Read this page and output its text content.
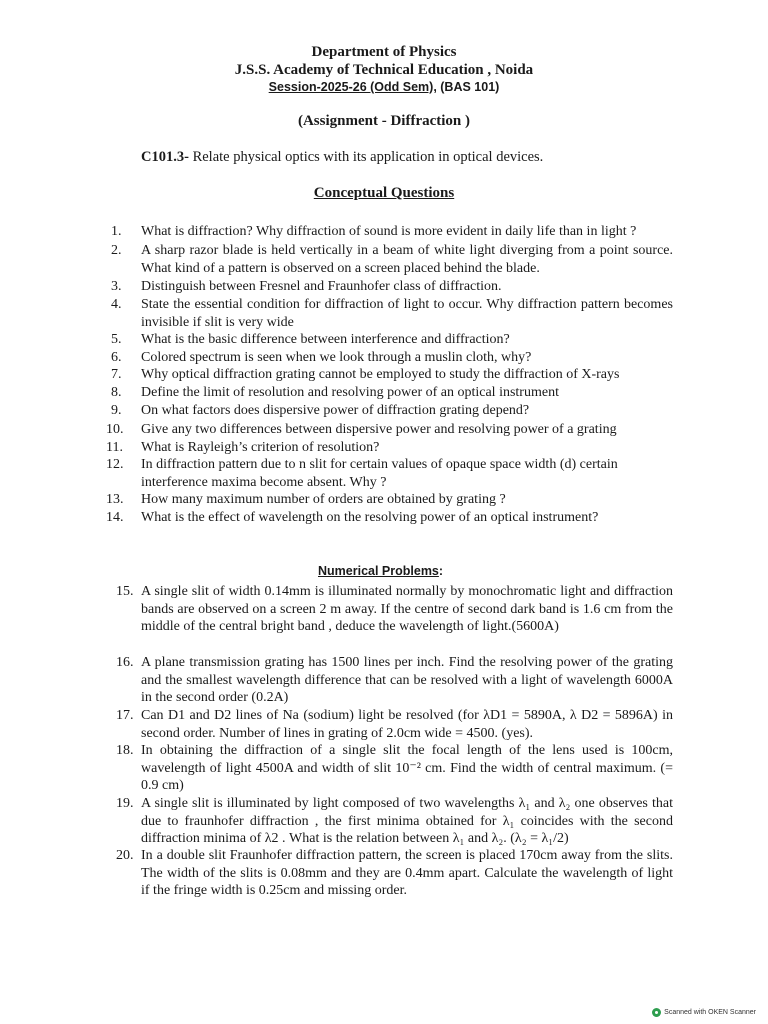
Department of Physics
J.S.S. Academy of Technical Education , Noida
Session-2025-26 (Odd Sem), (BAS 101)
(Assignment - Diffraction )
C101.3- Relate physical optics with its application in optical devices.
Conceptual Questions
1.	What is diffraction? Why diffraction of sound is more evident in daily life than in light ?
2.	A sharp razor blade is held vertically in a beam of white light diverging from a point source. What kind of a pattern is observed on a screen placed behind the blade.
3.	Distinguish between Fresnel and Fraunhofer class of diffraction.
4.	State the essential condition for diffraction of light to occur. Why diffraction pattern becomes invisible if slit is very wide
5.	What is the basic difference between interference and diffraction?
6.	Colored spectrum is seen when we look through a muslin cloth, why?
7.	Why optical diffraction grating cannot be employed to study the diffraction of X-rays
8.	Define the limit of resolution and resolving power of an optical instrument
9.	On what factors does dispersive power of diffraction grating depend?
10.	Give any two differences between dispersive power and resolving power of a grating
11.	What is Rayleigh’s criterion of resolution?
12.	In diffraction pattern due to n slit for certain values of opaque space width (d) certain interference maxima become absent. Why ?
13.	How many maximum number of orders are obtained by grating ?
14.	What is the effect of wavelength on the resolving power of an optical instrument?
Numerical Problems:
15. A single slit of width 0.14mm is illuminated normally by monochromatic light and diffraction bands are observed on a screen 2 m away. If the centre of second dark band is 1.6 cm from the middle of the central bright band , deduce the wavelength of light.(5600A)
16. A plane transmission grating has 1500 lines per inch. Find the resolving power of the grating and the smallest wavelength difference that can be resolved with a light of wavelength 6000A in the second order (0.2A)
17. Can D1 and D2 lines of Na (sodium) light be resolved (for λD1 = 5890A, λ D2 = 5896A) in second order. Number of lines in grating of 2.0cm wide = 4500. (yes).
18. In obtaining the diffraction of a single slit the focal length of the lens used is 100cm, wavelength of light 4500A and width of slit 10⁻² cm. Find the width of central maximum. (= 0.9 cm)
19. A single slit is illuminated by light composed of two wavelengths λ₁ and λ₂ one observes that due to fraunhofer diffraction , the first minima obtained for λ₁ coincides with the second diffraction minima of λ2 . What is the relation between λ₁ and λ₂. (λ₂ = λ₁/2)
20. In a double slit Fraunhofer diffraction pattern, the screen is placed 170cm away from the slits. The width of the slits is 0.08mm and they are 0.4mm apart. Calculate the wavelength of light if the fringe width is 0.25cm and missing order.
Scanned with OKEN Scanner
